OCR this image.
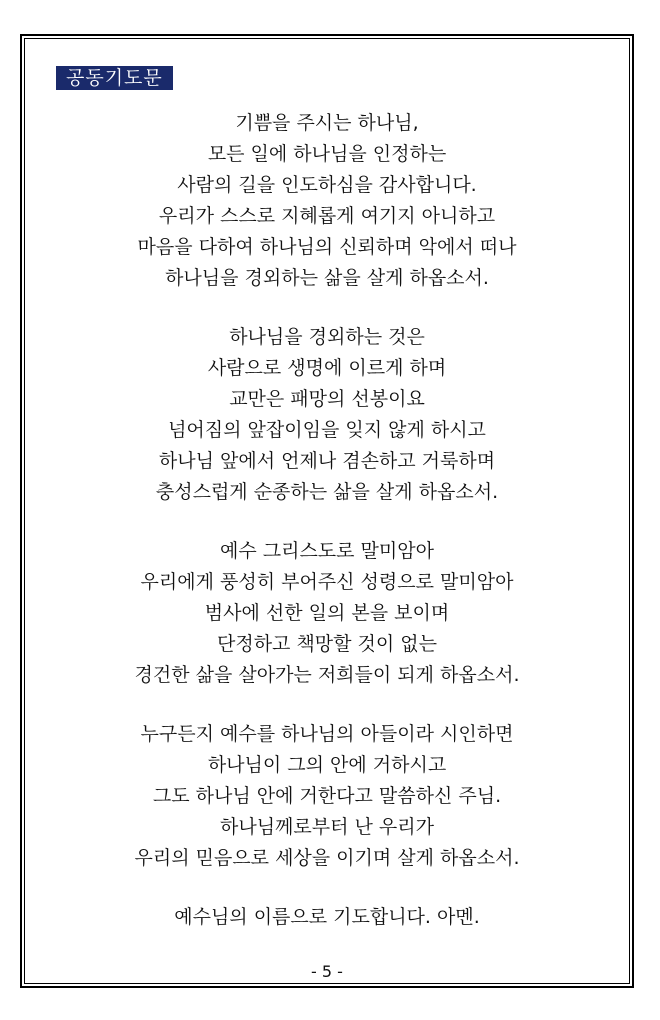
공동기도문
기쁨을 주시는 하나님,
모든 일에 하나님을 인정하는
사람의 길을 인도하심을 감사합니다.
우리가 스스로 지혜롭게 여기지 아니하고
마음을 다하여 하나님의 신뢰하며 악에서 떠나
하나님을 경외하는 삶을 살게 하옵소서.
하나님을 경외하는 것은
사람으로 생명에 이르게 하며
교만은 패망의 선봉이요
넘어짐의 앞잡이임을 잊지 않게 하시고
하나님 앞에서 언제나 겸손하고 거룩하며
충성스럽게 순종하는 삶을 살게 하옵소서.
예수 그리스도로 말미암아
우리에게 풍성히 부어주신 성령으로 말미암아
범사에 선한 일의 본을 보이며
단정하고 책망할 것이 없는
경건한 삶을 살아가는 저희들이 되게 하옵소서.
누구든지 예수를 하나님의 아들이라 시인하면
하나님이 그의 안에 거하시고
그도 하나님 안에 거한다고 말씀하신 주님.
하나님께로부터 난 우리가
우리의 믿음으로 세상을 이기며 살게 하옵소서.
예수님의 이름으로 기도합니다. 아멘.
- 5 -
